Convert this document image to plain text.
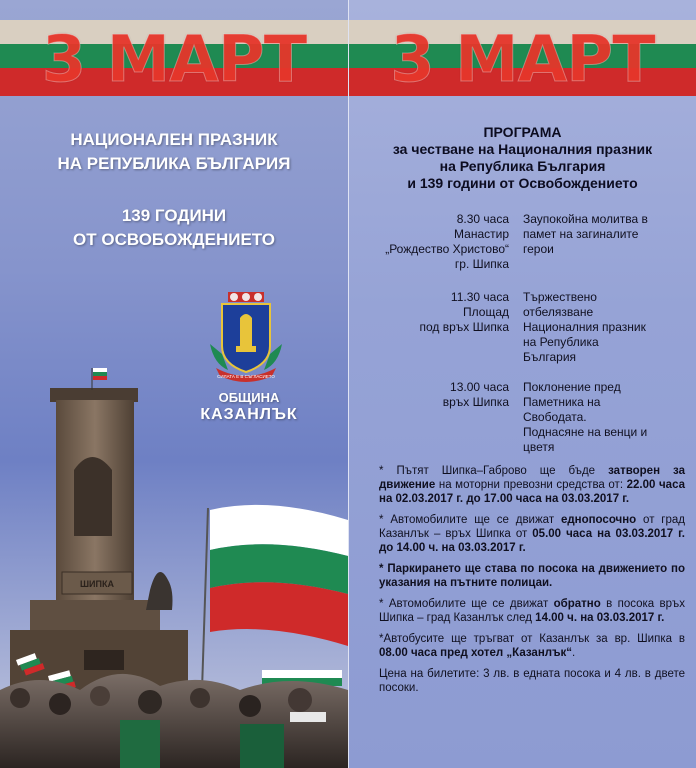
3 МАРТ
НАЦИОНАЛЕН ПРАЗНИК
НА РЕПУБЛИКА БЪЛГАРИЯ
139 ГОДИНИ
ОТ ОСВОБОЖДЕНИЕТО
ШИПКА
СИЛАТА Е В СЪГЛАСИЕТО
ОБЩИНА
КАЗАНЛЪК
3 МАРТ
ПРОГРАМА
за честване на Националния празник
на Република България
и 139 години от Освобождението
8.30 часа
Манастир
„Рождество Христово“
гр. Шипка
Заупокойна молитва в
памет на загиналите
герои
11.30 часа
Площад
под връх Шипка
Тържествено
отбелязване
Националния празник
на Република
България
13.00 часа
връх Шипка
Поклонение пред
Паметника на
Свободата.
Поднасяне на венци и
цветя

* Пътят Шипка–Габрово ще бъде затворен за движение на моторни превозни средства от: 22.00 часа на 02.03.2017 г. до 17.00 часа на 03.03.2017 г.

* Автомобилите ще се движат еднопосочно от град Казанлък – връх Шипка от 05.00 часа на 03.03.2017 г. до 14.00 ч. на 03.03.2017 г.

* Паркирането ще става по посока на движението по указания на пътните полицаи.

* Автомобилите ще се движат обратно в посока връх Шипка – град Казанлък след 14.00 ч. на 03.03.2017 г.

*Автобусите ще тръгват от Казанлък за вр. Шипка в 08.00 часа пред хотел „Казанлък“.

Цена на билетите: 3 лв. в едната посока и 4 лв. в двете посоки.
